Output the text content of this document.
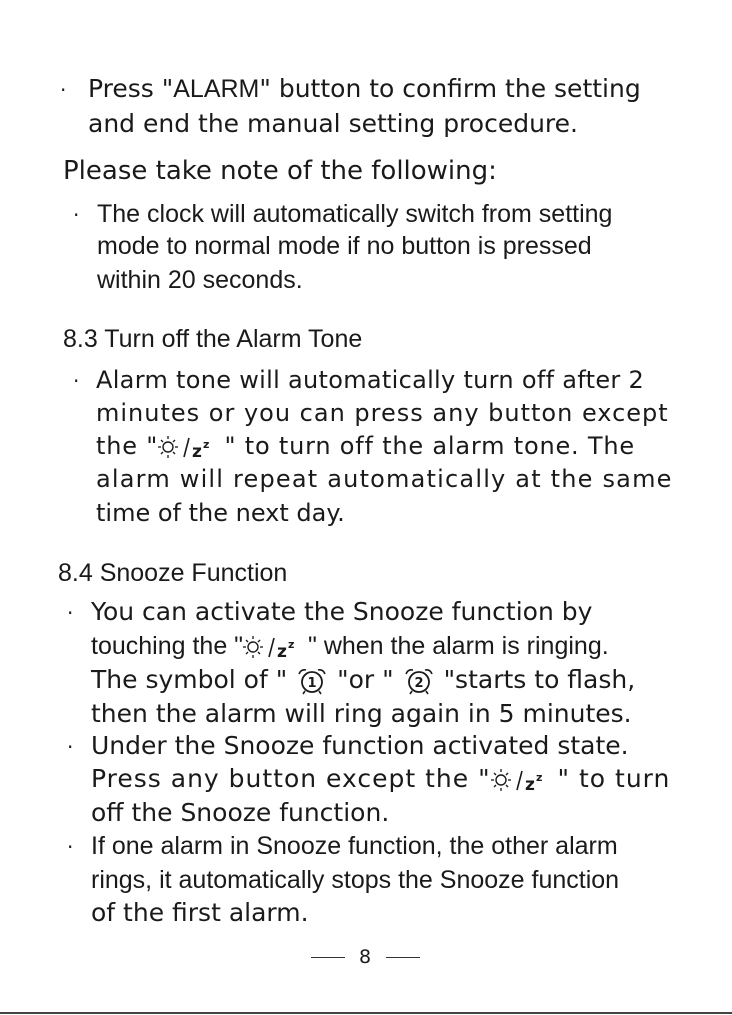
· Press "ALARM" button to confirm the setting
and end the manual setting procedure.
Please take note of the following:
· The clock will automatically switch from setting
mode to normal mode if no button is pressed
within 20 seconds.
8.3 Turn off the Alarm Tone
· Alarm tone will automatically turn off after 2
minutes or you can press any button except
the " z z " to turn off the alarm tone. The
alarm will repeat automatically at the same
time of the next day.
8.4 Snooze Function
· You can activate the Snooze function by
touching the " z z " when the alarm is ringing.
The symbol of " 1 "or " 2 "starts to flash,
then the alarm will ring again in 5 minutes.
· Under the Snooze function activated state.
Press any button except the " z z " to turn
off the Snooze function.
· If one alarm in Snooze function, the other alarm
rings, it automatically stops the Snooze function
of the first alarm.
8
